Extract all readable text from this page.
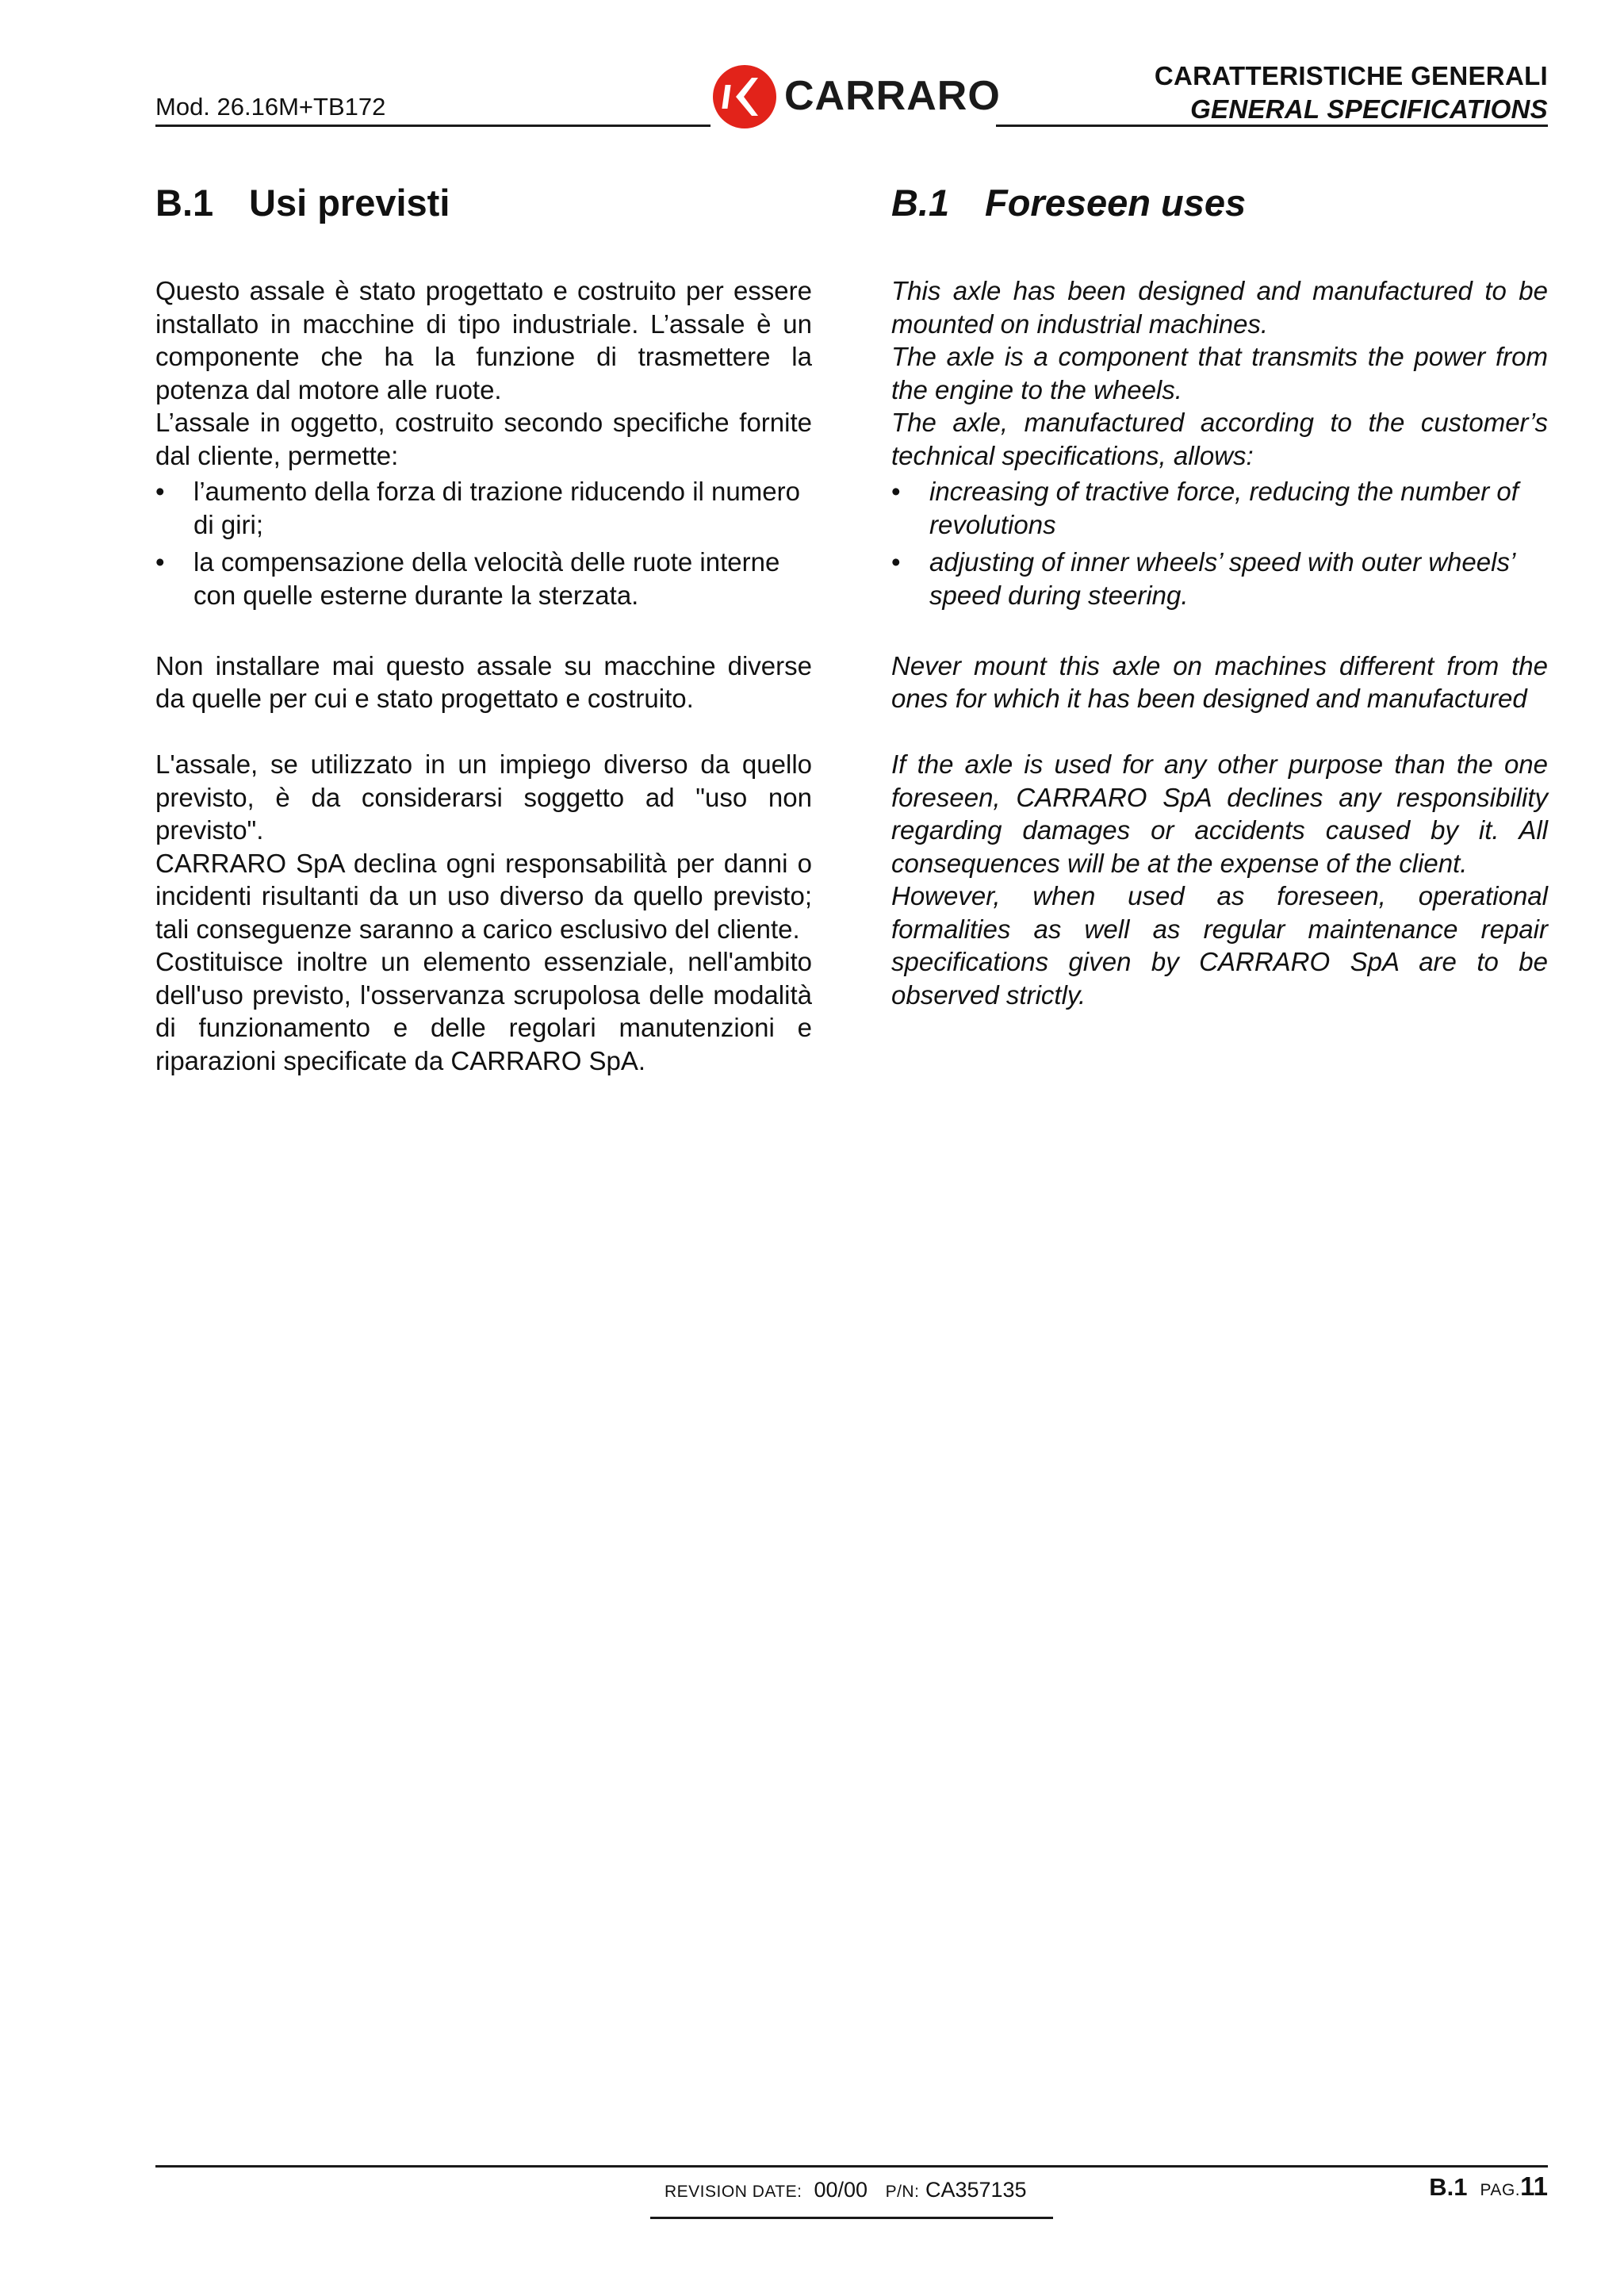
Mod. 26.16M+TB172	CARRARO	CARATTERISTICHE GENERALI
GENERAL SPECIFICATIONS
B.1 Usi previsti	B.1 Foreseen uses

Questo assale è stato progettato e costruito per essere installato in macchine di tipo industriale. L’assale è un componente che ha la funzione di trasmettere la potenza dal motore alle ruote.

L’assale in oggetto, costruito secondo specifiche fornite dal cliente, permette:

•	l’aumento della forza di trazione riducendo il numero di giri;
•	la compensazione della velocità delle ruote interne con quelle esterne durante la sterzata.

Non installare mai questo assale su macchine diverse da quelle per cui e stato progettato e costruito.

L'assale, se utilizzato in un impiego diverso da quello previsto, è da considerarsi soggetto ad "uso non previsto".

CARRARO SpA declina ogni responsabilità per danni o incidenti risultanti da un uso diverso da quello previsto; tali conseguenze saranno a carico esclusivo del cliente.

Costituisce inoltre un elemento essenziale, nell'ambito dell'uso previsto, l'osservanza scrupolosa delle modalità di funzionamento e delle regolari manutenzioni e riparazioni specificate da CARRARO SpA.

This axle has been designed and manufactured to be mounted on industrial machines.

The axle is a component that transmits the power from the engine to the wheels.

The axle, manufactured according to the customer’s technical specifications, allows:

•	increasing of tractive force, reducing the number of revolutions
•	adjusting of inner wheels’ speed with outer wheels’ speed during steering.

Never mount this axle on machines different from the ones for which it has been designed and manufactured

If the axle is used for any other purpose than the one foreseen, CARRARO SpA declines any responsibility regarding damages or accidents caused by it. All consequences will be at the expense of the client.

However, when used as foreseen, operational formalities as well as regular maintenance repair specifications given by CARRARO SpA are to be observed strictly.

REVISION DATE: 00/00 P/N: CA357135	B.1 PAG.11
